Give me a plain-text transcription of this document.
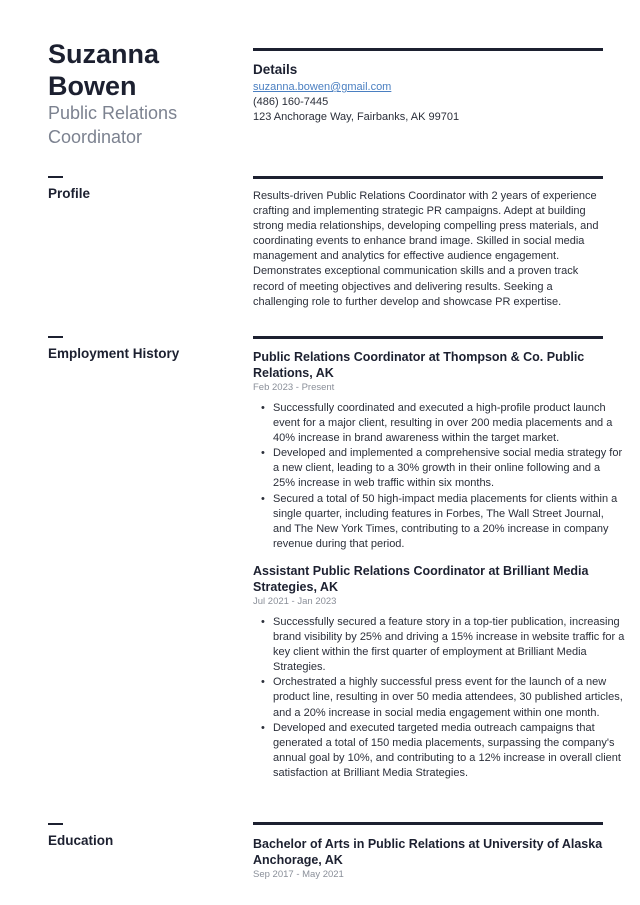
Suzanna Bowen
Public Relations Coordinator
Details
suzanna.bowen@gmail.com
(486) 160-7445
123 Anchorage Way, Fairbanks, AK 99701
Profile	Results-driven Public Relations Coordinator with 2 years of experience crafting and implementing strategic PR campaigns. Adept at building strong media relationships, developing compelling press materials, and coordinating events to enhance brand image. Skilled in social media management and analytics for effective audience engagement. Demonstrates exceptional communication skills and a proven track record of meeting objectives and delivering results. Seeking a challenging role to further develop and showcase PR expertise.
Employment History	Public Relations Coordinator at Thompson & Co. Public Relations, AK
Feb 2023 - Present
• Successfully coordinated and executed a high-profile product launch event for a major client, resulting in over 200 media placements and a 40% increase in brand awareness within the target market.
• Developed and implemented a comprehensive social media strategy for a new client, leading to a 30% growth in their online following and a 25% increase in web traffic within six months.
• Secured a total of 50 high-impact media placements for clients within a single quarter, including features in Forbes, The Wall Street Journal, and The New York Times, contributing to a 20% increase in company revenue during that period.
Assistant Public Relations Coordinator at Brilliant Media Strategies, AK
Jul 2021 - Jan 2023
• Successfully secured a feature story in a top-tier publication, increasing brand visibility by 25% and driving a 15% increase in website traffic for a key client within the first quarter of employment at Brilliant Media Strategies.
• Orchestrated a highly successful press event for the launch of a new product line, resulting in over 50 media attendees, 30 published articles, and a 20% increase in social media engagement within one month.
• Developed and executed targeted media outreach campaigns that generated a total of 150 media placements, surpassing the company's annual goal by 10%, and contributing to a 12% increase in overall client satisfaction at Brilliant Media Strategies.
Education	Bachelor of Arts in Public Relations at University of Alaska Anchorage, AK
Sep 2017 - May 2021
